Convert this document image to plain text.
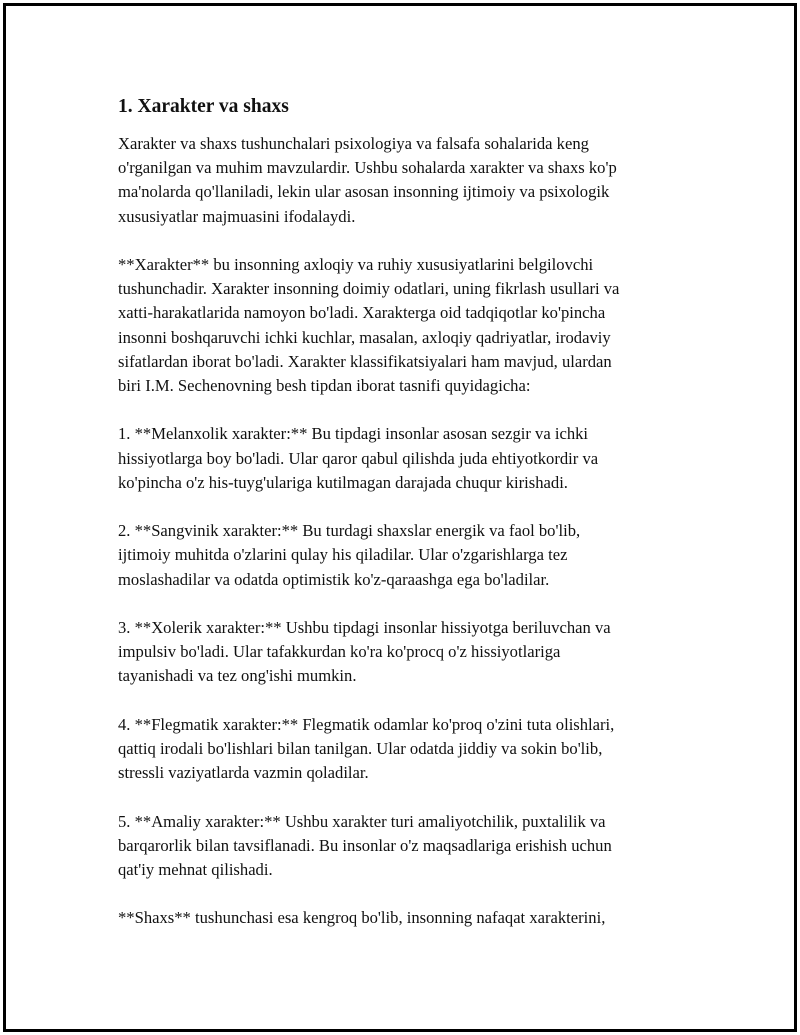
1. Xarakter va shaxs
Xarakter va shaxs tushunchalari psixologiya va falsafa sohalarida keng
o'rganilgan va muhim mavzulardir. Ushbu sohalarda xarakter va shaxs ko'p
ma'nolarda qo'llaniladi, lekin ular asosan insonning ijtimoiy va psixologik
xususiyatlar majmuasini ifodalaydi.
**Xarakter** bu insonning axloqiy va ruhiy xususiyatlarini belgilovchi
tushunchadir. Xarakter insonning doimiy odatlari, uning fikrlash usullari va
xatti-harakatlarida namoyon bo'ladi. Xarakterga oid tadqiqotlar ko'pincha
insonni boshqaruvchi ichki kuchlar, masalan, axloqiy qadriyatlar, irodaviy
sifatlardan iborat bo'ladi. Xarakter klassifikatsiyalari ham mavjud, ulardan
biri I.M. Sechenovning besh tipdan iborat tasnifi quyidagicha:
1. **Melanxolik xarakter:** Bu tipdagi insonlar asosan sezgir va ichki
hissiyotlarga boy bo'ladi. Ular qaror qabul qilishda juda ehtiyotkordir va
ko'pincha o'z his-tuyg'ulariga kutilmagan darajada chuqur kirishadi.
2. **Sangvinik xarakter:** Bu turdagi shaxslar energik va faol bo'lib,
ijtimoiy muhitda o'zlarini qulay his qiladilar. Ular o'zgarishlarga tez
moslashadilar va odatda optimistik ko'z-qaraashga ega bo'ladilar.
3. **Xolerik xarakter:** Ushbu tipdagi insonlar hissiyotga beriluvchan va
impulsiv bo'ladi. Ular tafakkurdan ko'ra ko'procq o'z hissiyotlariga
tayanishadi va tez ong'ishi mumkin.
4. **Flegmatik xarakter:** Flegmatik odamlar ko'proq o'zini tuta olishlari,
qattiq irodali bo'lishlari bilan tanilgan. Ular odatda jiddiy va sokin bo'lib,
stressli vaziyatlarda vazmin qoladilar.
5. **Amaliy xarakter:** Ushbu xarakter turi amaliyotchilik, puxtalilik va
barqarorlik bilan tavsiflanadi. Bu insonlar o'z maqsadlariga erishish uchun
qat'iy mehnat qilishadi.
**Shaxs** tushunchasi esa kengroq bo'lib, insonning nafaqat xarakterini,
